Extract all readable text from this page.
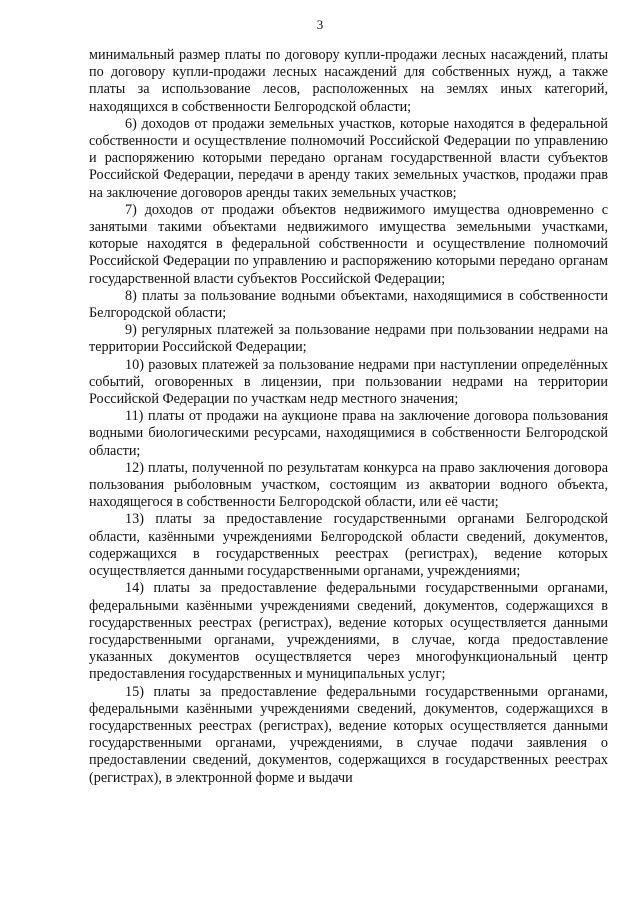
3

минимальный размер платы по договору купли-продажи лесных насаждений, платы по договору купли-продажи лесных насаждений для собственных нужд, а также платы за использование лесов, расположенных на землях иных категорий, находящихся в собственности Белгородской области;

6) доходов от продажи земельных участков, которые находятся в федеральной собственности и осуществление полномочий Российской Федерации по управлению и распоряжению которыми передано органам государственной власти субъектов Российской Федерации, передачи в аренду таких земельных участков, продажи прав на заключение договоров аренды таких земельных участков;

7) доходов от продажи объектов недвижимого имущества одновременно с занятыми такими объектами недвижимого имущества земельными участками, которые находятся в федеральной собственности и осуществление полномочий Российской Федерации по управлению и распоряжению которыми передано органам государственной власти субъектов Российской Федерации;

8) платы за пользование водными объектами, находящимися в собственности Белгородской области;

9) регулярных платежей за пользование недрами при пользовании недрами на территории Российской Федерации;

10) разовых платежей за пользование недрами при наступлении определённых событий, оговоренных в лицензии, при пользовании недрами на территории Российской Федерации по участкам недр местного значения;

11) платы от продажи на аукционе права на заключение договора пользования водными биологическими ресурсами, находящимися в собственности Белгородской области;

12) платы, полученной по результатам конкурса на право заключения договора пользования рыболовным участком, состоящим из акватории водного объекта, находящегося в собственности Белгородской области, или её части;

13) платы за предоставление государственными органами Белгородской области, казёнными учреждениями Белгородской области сведений, документов, содержащихся в государственных реестрах (регистрах), ведение которых осуществляется данными государственными органами, учреждениями;

14) платы за предоставление федеральными государственными органами, федеральными казёнными учреждениями сведений, документов, содержащихся в государственных реестрах (регистрах), ведение которых осуществляется данными государственными органами, учреждениями, в случае, когда предоставление указанных документов осуществляется через многофункциональный центр предоставления государственных и муниципальных услуг;

15) платы за предоставление федеральными государственными органами, федеральными казёнными учреждениями сведений, документов, содержащихся в государственных реестрах (регистрах), ведение которых осуществляется данными государственными органами, учреждениями, в случае подачи заявления о предоставлении сведений, документов, содержащихся в государственных реестрах (регистрах), в электронной форме и выдачи
